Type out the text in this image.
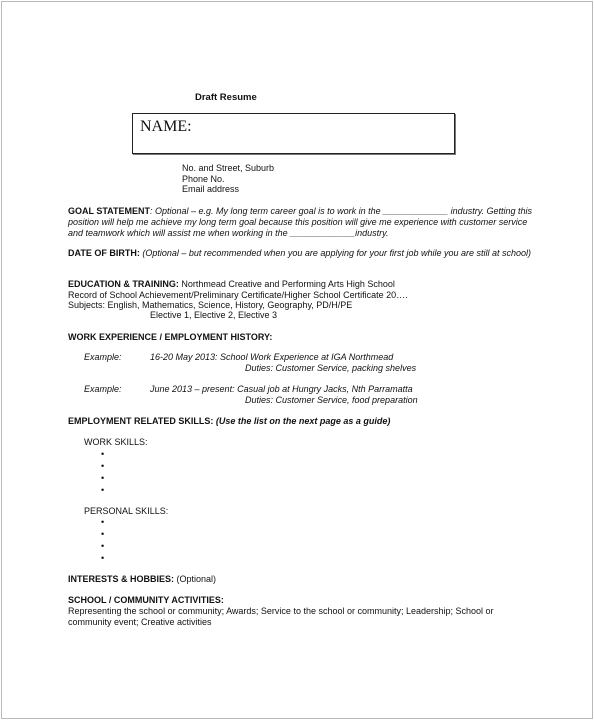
Draft Resume
NAME:
No. and Street, Suburb
Phone No.
Email address
GOAL STATEMENT: Optional – e.g. My long term career goal is to work in the _____________ industry. Getting this position will help me achieve my long term goal because this position will give me experience with customer service and teamwork which will assist me when working in the _____________industry.
DATE OF BIRTH: (Optional – but recommended when you are applying for your first job while you are still at school)
EDUCATION & TRAINING: Northmead Creative and Performing Arts High School
Record of School Achievement/Preliminary Certificate/Higher School Certificate 20….
Subjects: English, Mathematics, Science, History, Geography, PD/H/PE
Elective 1, Elective 2, Elective 3
WORK EXPERIENCE / EMPLOYMENT HISTORY:
Example:	16-20 May 2013: School Work Experience at IGA Northmead
Duties: Customer Service, packing shelves
Example:	June 2013 – present: Casual job at Hungry Jacks, Nth Parramatta
Duties: Customer Service, food preparation
EMPLOYMENT RELATED SKILLS: (Use the list on the next page as a guide)
WORK SKILLS:
•
•
•
•
PERSONAL SKILLS:
•
•
•
•
INTERESTS & HOBBIES: (Optional)
SCHOOL / COMMUNITY ACTIVITIES:
Representing the school or community; Awards; Service to the school or community; Leadership; School or community event; Creative activities
